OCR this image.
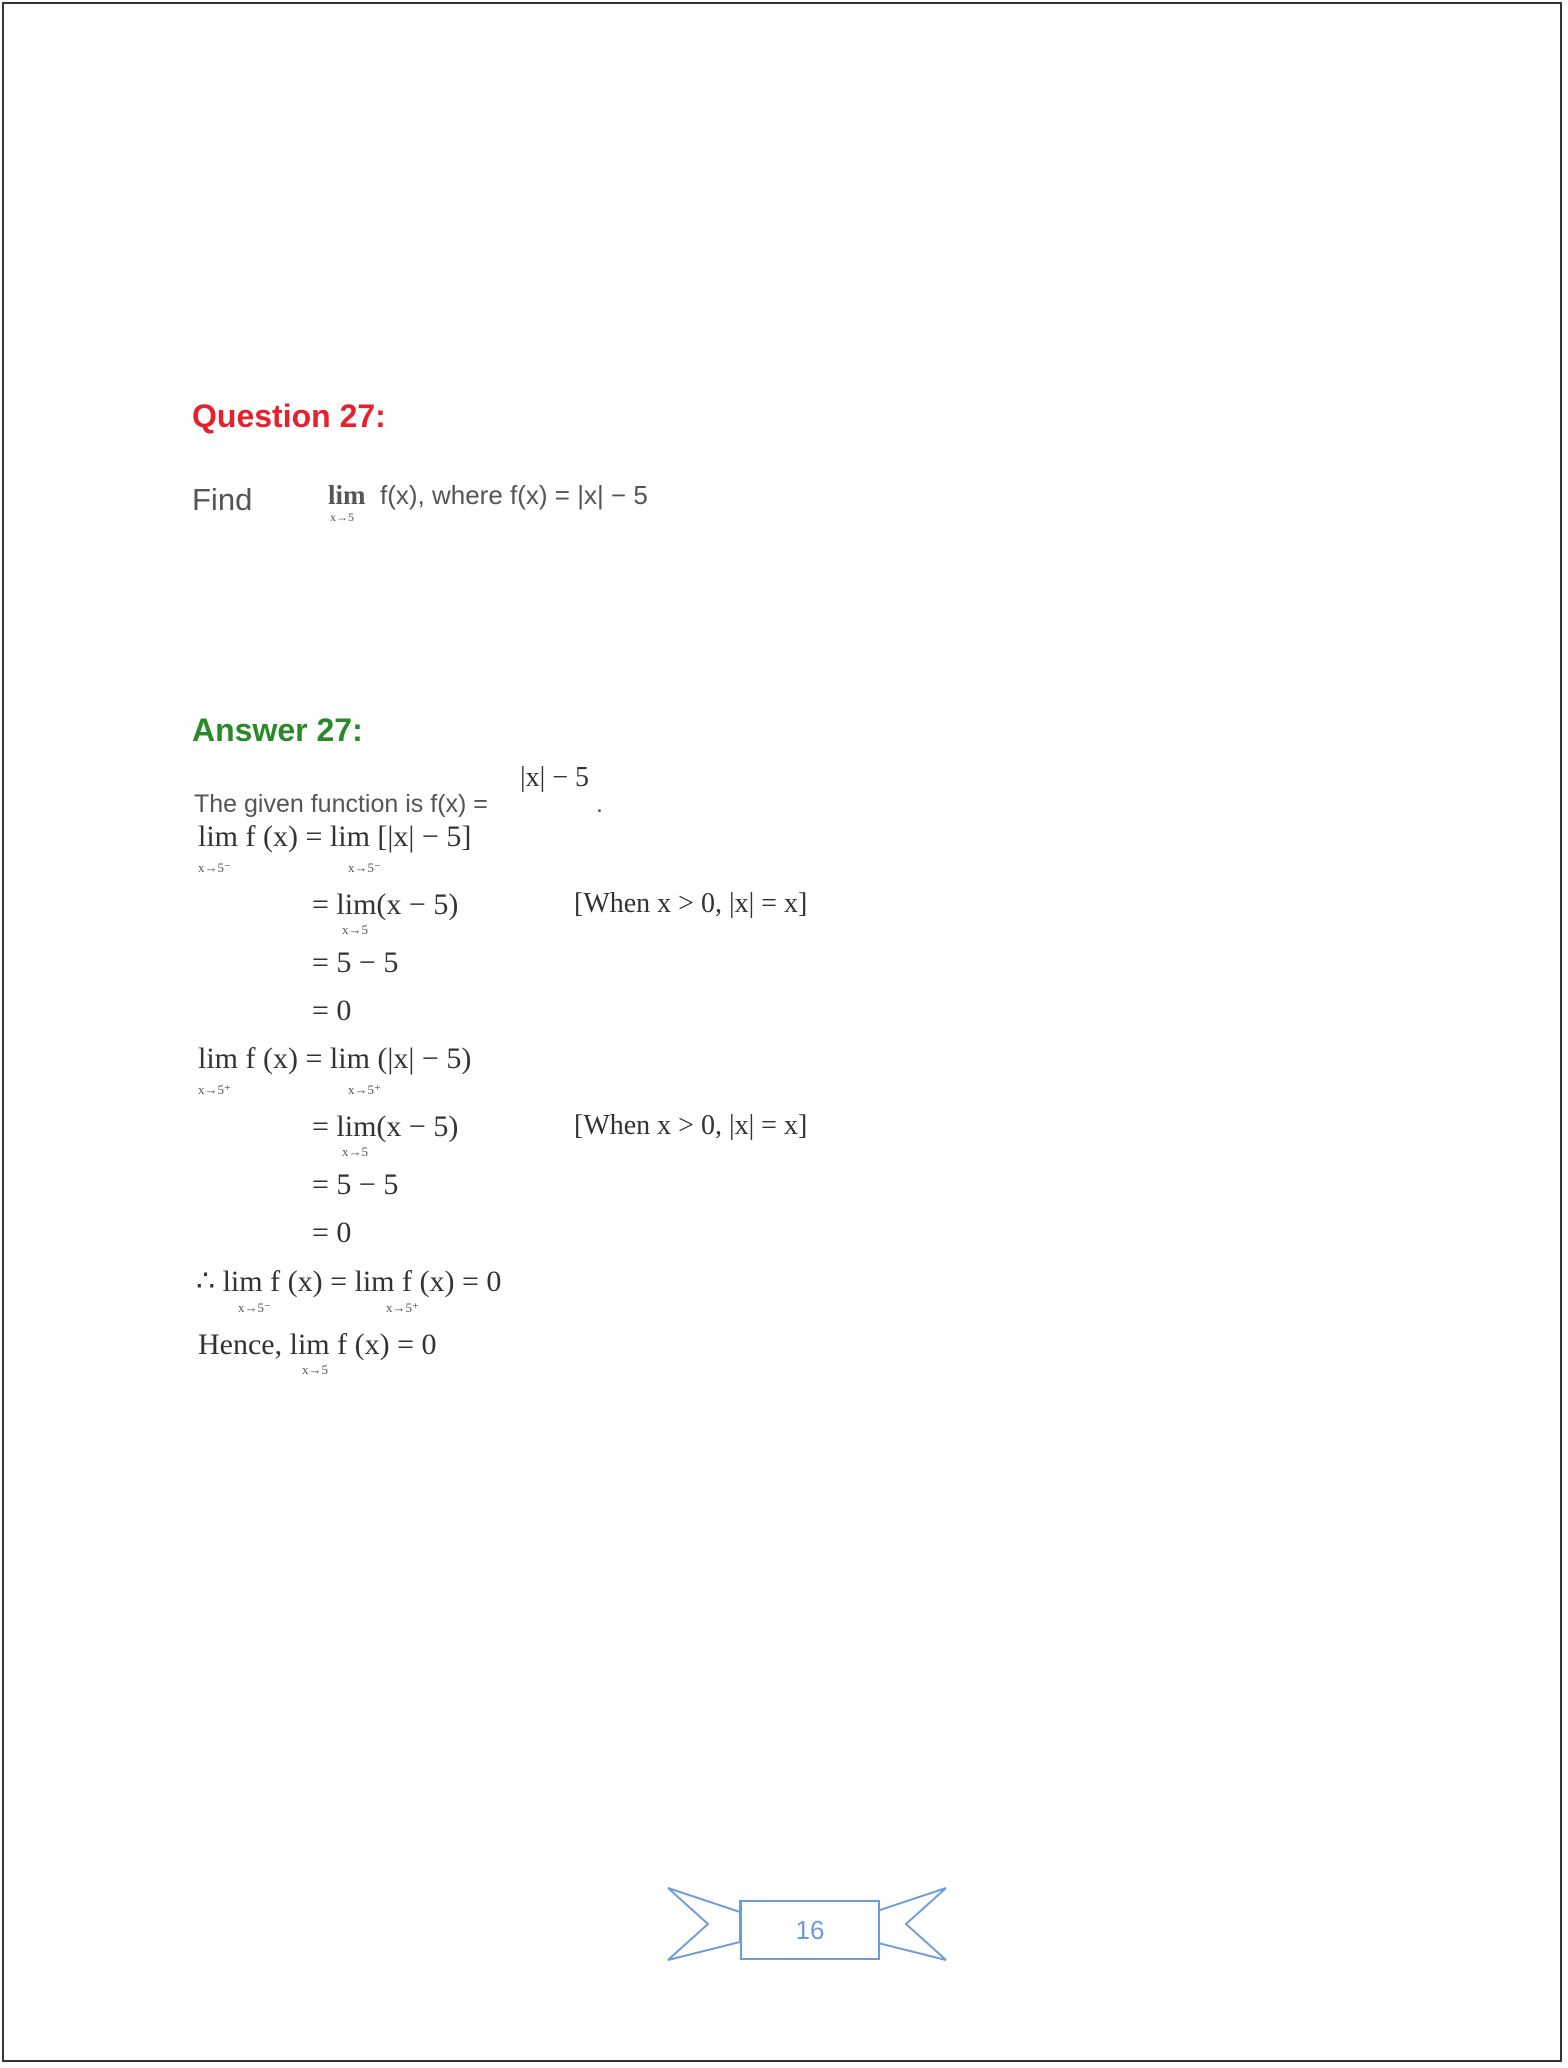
Question 27:
Find	lim
x→5
f(x), where f(x) = |x| − 5
Answer 27:
The given function is f(x) =
|x| − 5
.
lim f (x) = lim [|x| − 5]
x→5⁻	x→5⁻
= lim(x − 5)
x→5
[When x > 0, |x| = x]
= 5 − 5
= 0
lim f (x) = lim (|x| − 5)
x→5⁺	x→5⁺
= lim(x − 5)
x→5
[When x > 0, |x| = x]
= 5 − 5
= 0
∴ lim f (x) = lim f (x) = 0
x→5⁻	x→5⁺
Hence, lim f (x) = 0
x→5
16
